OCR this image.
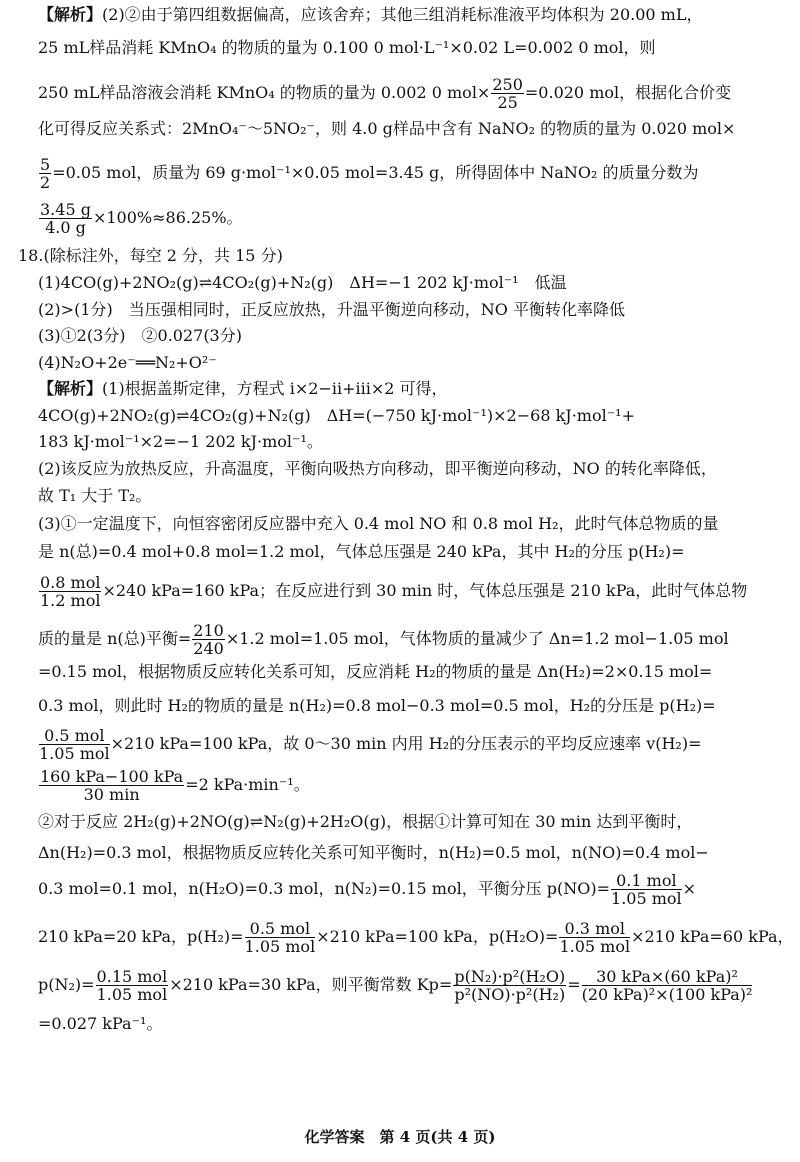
【解析】(2)②由于第四组数据偏高，应该舍弃；其他三组消耗标准液平均体积为 20.00 mL，
25 mL样品消耗 KMnO₄ 的物质的量为 0.100 0 mol·L⁻¹×0.02 L=0.002 0 mol，则
250 mL样品溶液会消耗 KMnO₄ 的物质的量为 0.002 0 $mol\times \frac{250}{25} =0.020$ mol，根据化合价变
化可得反应关系式：2MnO₄⁻～5NO₂⁻，则 4.0 g样品中含有 NaNO₂ 的物质的量为 0.020 mol×
$\frac{5}{2} =0.05$ mol，质量为 69 g·mol⁻¹×0.05 mol=3.45 g，所得固体中 NaNO₂ 的质量分数为
$\frac{3.45 g}{4.0 g} \times 100\%\approx 86.25\%$。
18.(除标注外，每空 2 分，共 15 分)
(1)4CO(g)+2NO₂(g)⇌4CO₂(g)+N₂(g)　ΔH=−1 202 kJ·mol⁻¹　低温
(2)>(1分)　当压强相同时，正反应放热，升温平衡逆向移动，NO 平衡转化率降低
(3)①2(3分)　②0.027(3分)
(4)N₂O+2e⁻══N₂+O²⁻
【解析】(1)根据盖斯定律，方程式 i×2−ii+iii×2 可得，
4CO(g)+2NO₂(g)⇌4CO₂(g)+N₂(g)　ΔH=(−750 kJ·mol⁻¹)×2−68 kJ·mol⁻¹+
183 kJ·mol⁻¹×2=−1 202 kJ·mol⁻¹。
(2)该反应为放热反应，升高温度，平衡向吸热方向移动，即平衡逆向移动，NO 的转化率降低，
故 T₁ 大于 T₂。
(3)①一定温度下，向恒容密闭反应器中充入 0.4 mol NO 和 0.8 mol H₂，此时气体总物质的量
是 n(总)=0.4 mol+0.8 mol=1.2 mol，气体总压强是 240 kPa，其中 H₂的分压 p(H₂)=
$\frac{\text{0.8 mol}}{\text{1.2 mol}} \times 240$ kPa=160 kPa；在反应进行到 30 min 时，气体总压强是 210 kPa，此时气体总物
质的量是 n(总)平衡= $\frac{210}{240} \times 1.2$ mol=1.05 mol，气体物质的量减少了 Δn=1.2 mol−1.05 mol
=0.15 mol，根据物质反应转化关系可知，反应消耗 H₂的物质的量是 Δn(H₂)=2×0.15 mol=
0.3 mol，则此时 H₂的物质的量是 n(H₂)=0.8 mol−0.3 mol=0.5 mol，H₂的分压是 p(H₂)=
$\frac{\text{0.5 mol}}{\text{1.05 mol}} \times 210$ kPa=100 kPa，故 0～30 min 内用 H₂的分压表示的平均反应速率 v(H₂)=
$\frac{\text{160 kPa−100 kPa}}{30 \min} =2$ kPa·min⁻¹。
②对于反应 2H₂(g)+2NO(g)⇌N₂(g)+2H₂O(g)，根据①计算可知在 30 min 达到平衡时，
Δn(H₂)=0.3 mol，根据物质反应转化关系可知平衡时，n(H₂)=0.5 mol，n(NO)=0.4 mol−
0.3 mol=0.1 mol，n(H₂O)=0.3 mol，n(N₂)=0.15 mol，平衡分压 $p(NO)= \frac{\text{0.1 mol}}{\text{1.05 mol}}$ ×
210 kPa=20 kPa，$p(H_2)= \frac{\text{0.5 mol}}{\text{1.05 mol}} \times 210$ kPa=100 kPa，$p(H_2O)= \frac{\text{0.3 mol}}{\text{1.05 mol}} \times 210$ kPa=60 kPa，
$p(N_2)= \frac{\text{0.15 mol}}{\text{1.05 mol}} \times 210$ kPa=30 kPa，则平衡常数 $Kp= \frac{\text{p(N₂)·p²(H₂O)}}{\text{p²(NO)·p²(H₂)}} = \frac{\text{30 kPa×(60 kPa)²}}{\text{(20 kPa)²×(100 kPa)²}}$
=0.027 kPa⁻¹。
化学答案　第 4 页(共 4 页)
